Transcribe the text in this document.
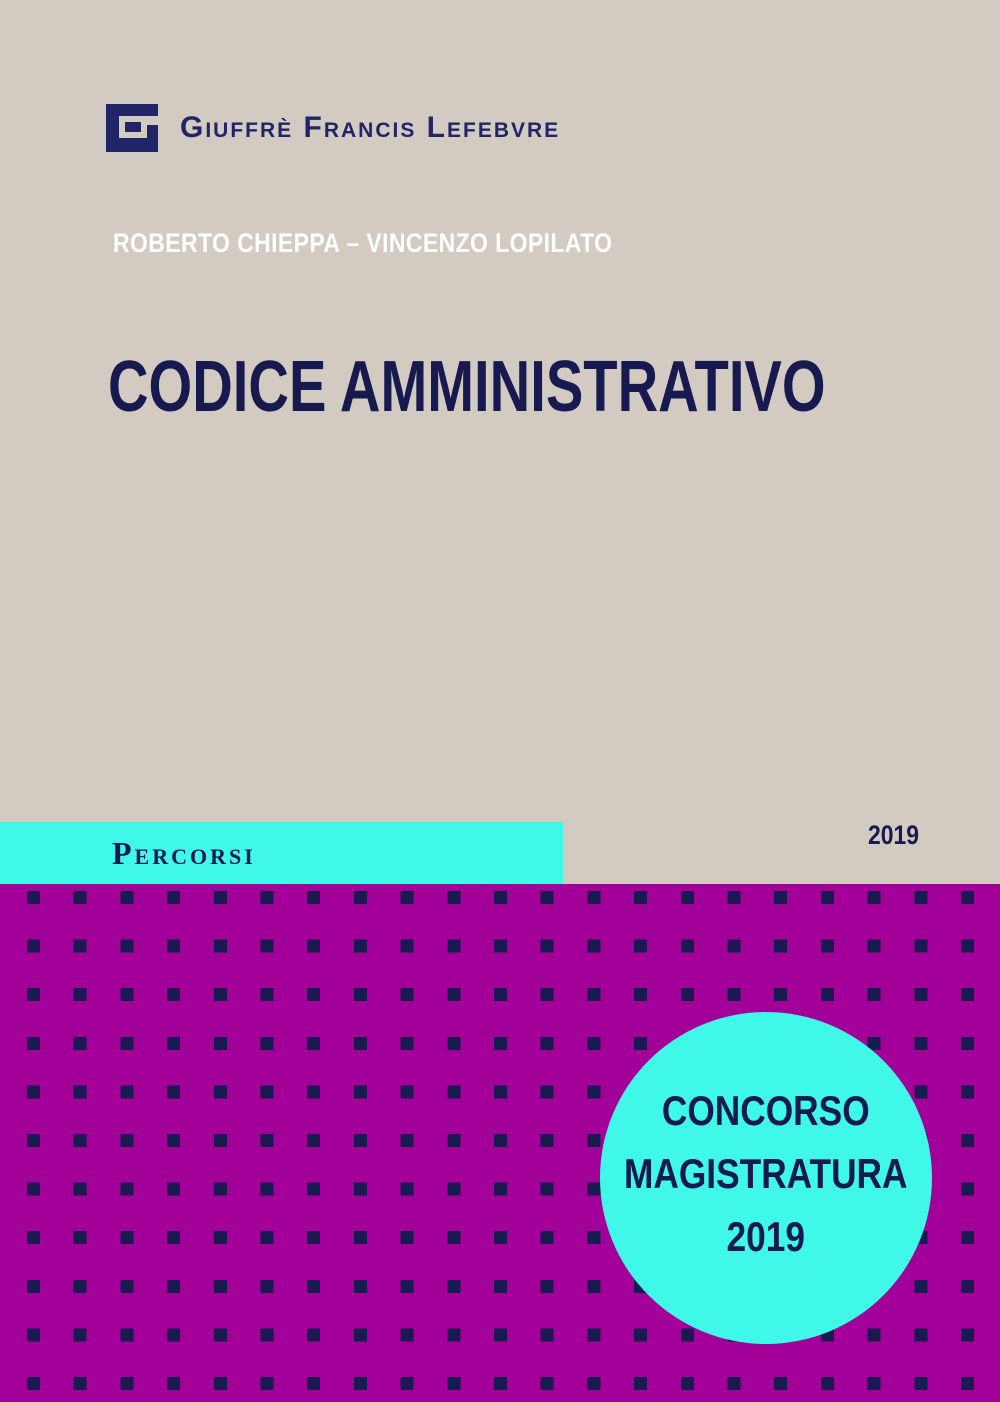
Giuffrè Francis Lefebvre
ROBERTO CHIEPPA – VINCENZO LOPILATO
CODICE AMMINISTRATIVO
Percorsi	2019
CONCORSO
MAGISTRATURA
2019
